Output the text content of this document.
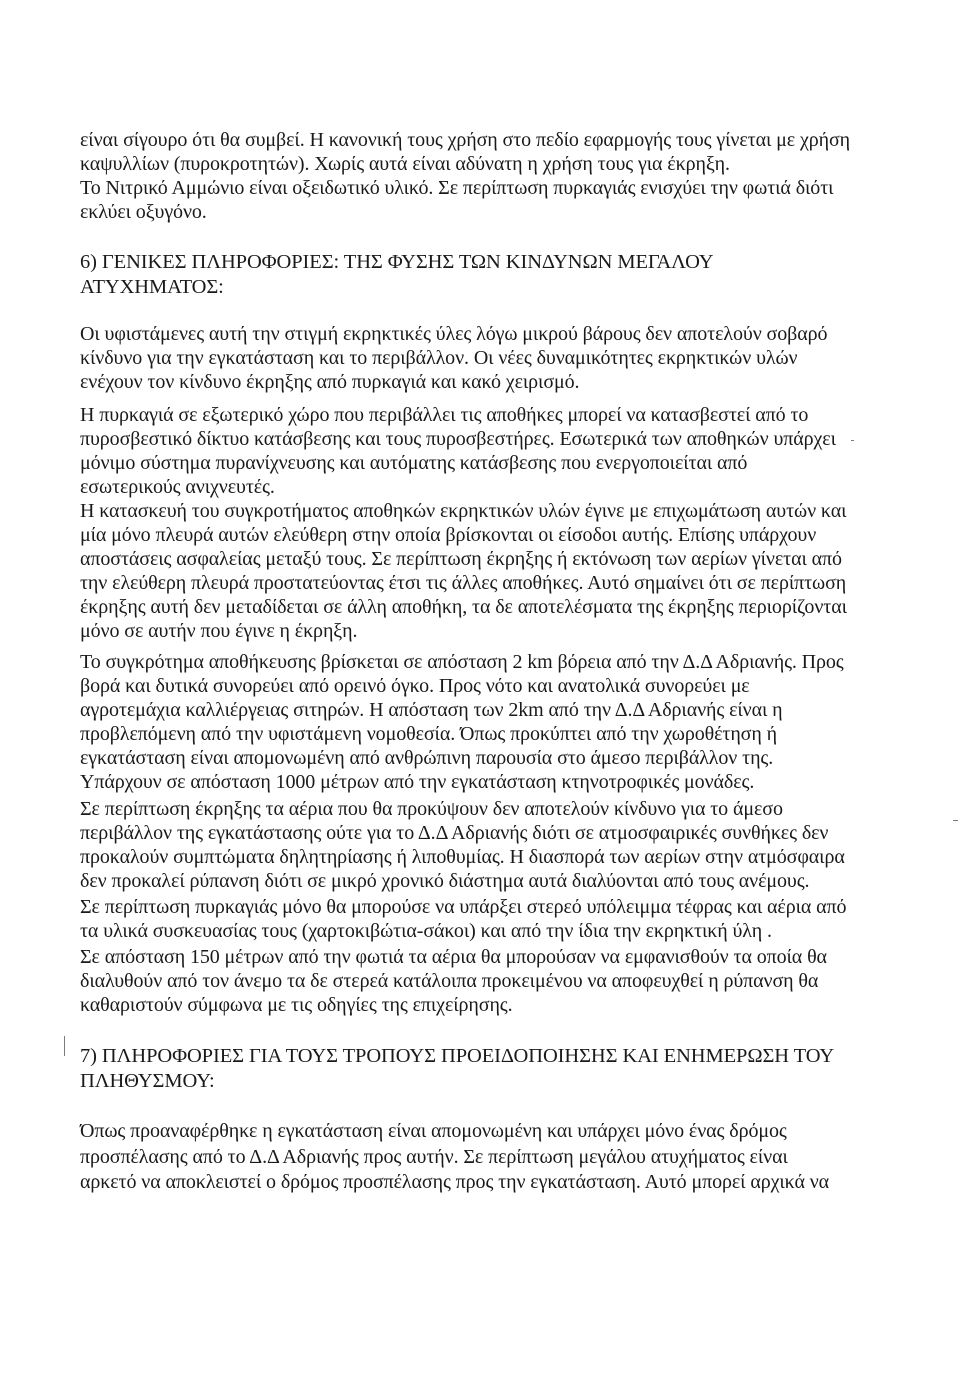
είναι σίγουρο ότι θα συμβεί. Η κανονική τους χρήση στο πεδίο εφαρμογής τους γίνεται με χρήση
καψυλλίων (πυροκροτητών). Χωρίς αυτά είναι αδύνατη η χρήση τους για έκρηξη.
Το Νιτρικό Αμμώνιο είναι οξειδωτικό υλικό. Σε περίπτωση πυρκαγιάς ενισχύει την φωτιά διότι
εκλύει οξυγόνο.
6) ΓΕΝΙΚΕΣ ΠΛΗΡΟΦΟΡΙΕΣ: ΤΗΣ ΦΥΣΗΣ ΤΩΝ ΚΙΝΔΥΝΩΝ ΜΕΓΑΛΟΥ
ΑΤΥΧΗΜΑΤΟΣ:
Οι υφιστάμενες αυτή την στιγμή εκρηκτικές ύλες λόγω μικρού βάρους δεν αποτελούν σοβαρό
κίνδυνο για την εγκατάσταση και το περιβάλλον. Οι νέες δυναμικότητες εκρηκτικών υλών
ενέχουν τον κίνδυνο έκρηξης από πυρκαγιά και κακό χειρισμό.
Η πυρκαγιά σε εξωτερικό χώρο που περιβάλλει τις αποθήκες μπορεί να κατασβεστεί από το
πυροσβεστικό δίκτυο κατάσβεσης και τους πυροσβεστήρες. Εσωτερικά των αποθηκών υπάρχει
μόνιμο σύστημα πυρανίχνευσης και αυτόματης κατάσβεσης που ενεργοποιείται από
εσωτερικούς ανιχνευτές.
Η κατασκευή του συγκροτήματος αποθηκών εκρηκτικών υλών έγινε με επιχωμάτωση αυτών και
μία μόνο πλευρά αυτών ελεύθερη στην οποία βρίσκονται οι είσοδοι αυτής. Επίσης υπάρχουν
αποστάσεις ασφαλείας μεταξύ τους. Σε περίπτωση έκρηξης ή εκτόνωση των αερίων γίνεται από
την ελεύθερη πλευρά προστατεύοντας έτσι τις άλλες αποθήκες. Αυτό σημαίνει ότι σε περίπτωση
έκρηξης αυτή δεν μεταδίδεται σε άλλη αποθήκη, τα δε αποτελέσματα της έκρηξης περιορίζονται
μόνο σε αυτήν που έγινε η έκρηξη.
Το συγκρότημα αποθήκευσης βρίσκεται σε απόσταση 2 km βόρεια από την Δ.Δ Αδριανής. Προς
βορά και δυτικά συνορεύει από ορεινό όγκο. Προς νότο και ανατολικά συνορεύει με
αγροτεμάχια καλλιέργειας σιτηρών. Η απόσταση των 2km από την Δ.Δ Αδριανής είναι η
προβλεπόμενη από την υφιστάμενη νομοθεσία. Όπως προκύπτει από την χωροθέτηση ή
εγκατάσταση είναι απομονωμένη από ανθρώπινη παρουσία στο άμεσο περιβάλλον της.
Υπάρχουν σε απόσταση 1000 μέτρων από την εγκατάσταση κτηνοτροφικές μονάδες.
Σε περίπτωση έκρηξης τα αέρια που θα προκύψουν δεν αποτελούν κίνδυνο για το άμεσο
περιβάλλον της εγκατάστασης ούτε για το Δ.Δ Αδριανής διότι σε ατμοσφαιρικές συνθήκες δεν
προκαλούν συμπτώματα δηλητηρίασης ή λιποθυμίας. Η διασπορά των αερίων στην ατμόσφαιρα
δεν προκαλεί ρύπανση διότι σε μικρό χρονικό διάστημα αυτά διαλύονται από τους ανέμους.
Σε περίπτωση πυρκαγιάς μόνο θα μπορούσε να υπάρξει στερεό υπόλειμμα τέφρας και αέρια από
τα υλικά συσκευασίας τους (χαρτοκιβώτια-σάκοι) και από την ίδια την εκρηκτική ύλη .
Σε απόσταση 150 μέτρων από την φωτιά τα αέρια θα μπορούσαν να εμφανισθούν τα οποία θα
διαλυθούν από τον άνεμο τα δε στερεά κατάλοιπα προκειμένου να αποφευχθεί η ρύπανση θα
καθαριστούν σύμφωνα με τις οδηγίες της επιχείρησης.
7) ΠΛΗΡΟΦΟΡΙΕΣ ΓΙΑ ΤΟΥΣ ΤΡΟΠΟΥΣ ΠΡΟΕΙΔΟΠΟΙΗΣΗΣ ΚΑΙ ΕΝΗΜΕΡΩΣΗ ΤΟΥ
ΠΛΗΘΥΣΜΟΥ:
Όπως προαναφέρθηκε η εγκατάσταση είναι απομονωμένη και υπάρχει μόνο ένας δρόμος
προσπέλασης από το Δ.Δ Αδριανής προς αυτήν. Σε περίπτωση μεγάλου ατυχήματος είναι
αρκετό να αποκλειστεί ο δρόμος προσπέλασης προς την εγκατάσταση. Αυτό μπορεί αρχικά να
